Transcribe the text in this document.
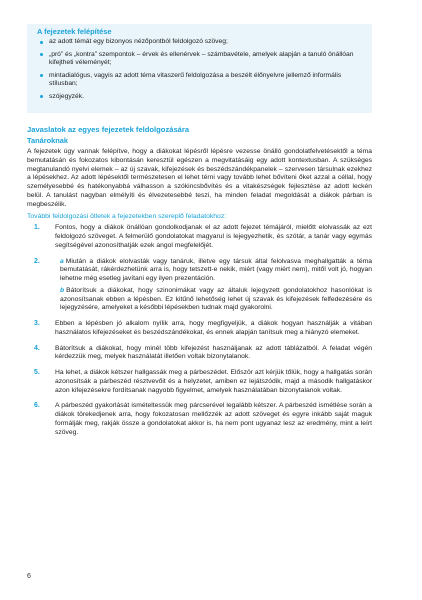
A fejezetek felépítése
az adott témát egy bizonyos nézőpontból feldolgozó szöveg;
„pró” és „kontra” szempontok – érvek és ellenérvek – számbavétele, amelyek alapján a tanuló önállóan kifejtheti véleményét;
mintadialógus, vagyis az adott téma vitaszerű feldolgozása a beszélt élőnyelvre jellemző informális stílusban;
szójegyzék.
Javaslatok az egyes fejezetek feldolgozására
Tanároknak

A fejezetek úgy vannak felépítve, hogy a diákokat lépésről lépésre vezesse önálló gondolatfelvetésektől a téma bemutatásán és fokozatos kibontásán keresztül egészen a megvitatásáig egy adott kontextusban. A szükséges megtanulandó nyelvi elemek – az új szavak, kifejezések és beszédszándékpanelek – szervesen társulnak ezekhez a lépésekhez. Az adott lépésektől természetesen el lehet térni vagy tovább lehet bővíteni őket azzal a céllal, hogy személyesebbé és hatékonyabbá válhasson a szókincsbővítés és a vitakészségek fejlesztése az adott leckén belül. A tanulást nagyban elmélyíti és élvezetesebbé teszi, ha minden feladat megoldását a diákok párban is megbeszélik.

További feldolgozási ötletek a fejezetekben szereplő feladatokhoz:
1. Fontos, hogy a diákok önállóan gondolkodjanak el az adott fejezet témájáról, mielőtt elolvassák az ezt feldolgozó szöveget. A felmerülő gondolatokat magyarul is lejegyezhetik, és szótár, a tanár vagy egymás segítségével azonosíthatják ezek angol megfelelőjét.
2.	a Miután a diákok elolvasták vagy tanáruk, illetve egy társuk által felolvasva meghallgatták a téma bemutatását, rákérdezhetünk arra is, hogy tetszett-e nekik, miért (vagy miért nem), mitől volt jó, hogyan lehetne még esetleg javítani egy ilyen prezentáción.
b Bátorítsuk a diákokat, hogy szinonimákat vagy az általuk lejegyzett gondolatokhoz hasonlókat is azonosítsanak ebben a lépésben. Ez kitűnő lehetőség lehet új szavak és kifejezések felfedezésére és lejegyzésére, amelyeket a későbbi lépésekben tudnak majd gyakorolni.
3. Ebben a lépésben jó alkalom nyílik arra, hogy megfigyeljük, a diákok hogyan használják a vitában használatos kifejezéseket és beszédszándékokat, és ennek alapján tanítsuk meg a hiányzó elemeket.
4. Bátorítsuk a diákokat, hogy minél több kifejezést használjanak az adott táblázatból. A feladat végén kérdezzük meg, melyek használatát illetően voltak bizonytalanok.
5. Ha lehet, a diákok kétszer hallgassák meg a párbeszédet. Először azt kérjük tőlük, hogy a hallgatás során azonosítsák a párbeszéd résztvevőit és a helyzetet, amiben ez lejátszódik, majd a második hallgatáskor azon kifejezésekre fordítsanak nagyobb figyelmet, amelyek használatában bizonytalanok voltak.
6. A párbeszéd gyakorlását ismételtessük meg párcserével legalább kétszer. A párbeszéd ismétlése során a diákok törekedjenek arra, hogy fokozatosan mellőzzék az adott szöveget és egyre inkább saját maguk formálják meg, rakják össze a gondolatokat akkor is, ha nem pont ugyanaz lesz az eredmény, mint a leírt szöveg.
6
